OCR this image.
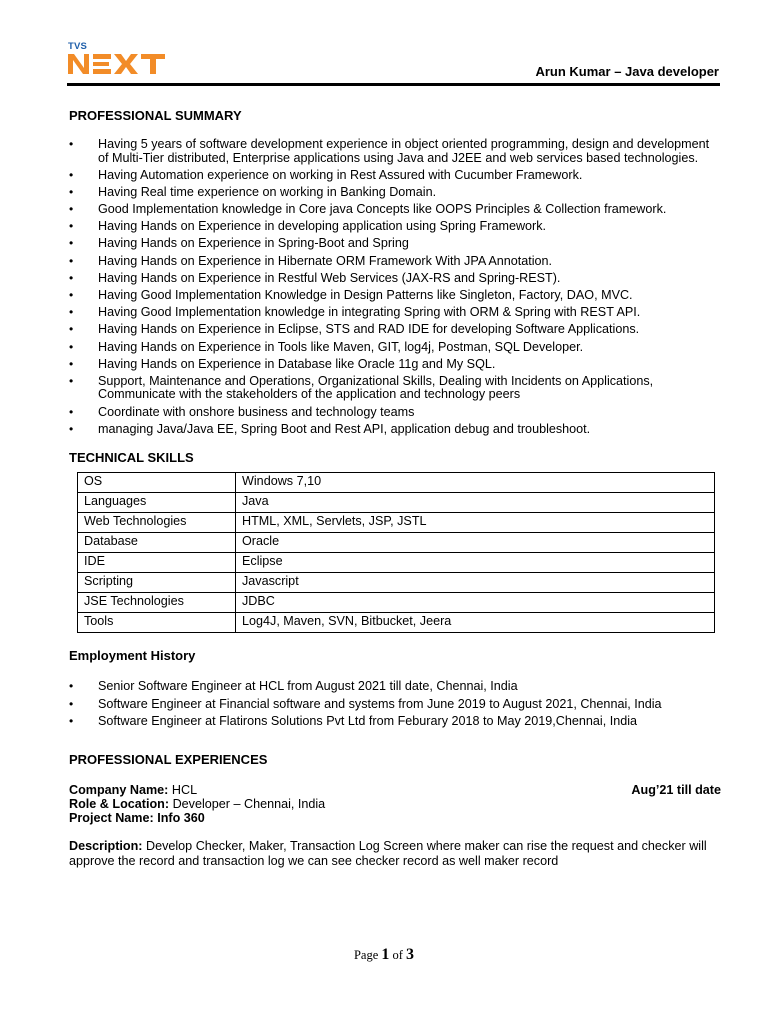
TVS
Arun Kumar – Java developer
PROFESSIONAL SUMMARY
• Having 5 years of software development experience in object oriented programming, design and development of Multi-Tier distributed, Enterprise applications using Java and J2EE and web services based technologies.
• Having Automation experience on working in Rest Assured with Cucumber Framework.
• Having Real time experience on working in Banking Domain.
• Good Implementation knowledge in Core java Concepts like OOPS Principles & Collection framework.
• Having Hands on Experience in developing application using Spring Framework.
• Having Hands on Experience in Spring-Boot and Spring
• Having Hands on Experience in Hibernate ORM Framework With JPA Annotation.
• Having Hands on Experience in Restful Web Services (JAX-RS and Spring-REST).
• Having Good Implementation Knowledge in Design Patterns like Singleton, Factory, DAO, MVC.
• Having Good Implementation knowledge in integrating Spring with ORM & Spring with REST API.
• Having Hands on Experience in Eclipse, STS and RAD IDE for developing Software Applications.
• Having Hands on Experience in Tools like Maven, GIT, log4j, Postman, SQL Developer.
• Having Hands on Experience in Database like Oracle 11g and My SQL.
• Support, Maintenance and Operations, Organizational Skills, Dealing with Incidents on Applications, Communicate with the stakeholders of the application and technology peers
• Coordinate with onshore business and technology teams
• managing Java/Java EE, Spring Boot and Rest API, application debug and troubleshoot.
TECHNICAL SKILLS
OS	Windows 7,10
Languages	Java
Web Technologies	HTML, XML, Servlets, JSP, JSTL
Database	Oracle
IDE	Eclipse
Scripting	Javascript
JSE Technologies	JDBC
Tools	Log4J, Maven, SVN, Bitbucket, Jeera
Employment History
• Senior Software Engineer at HCL from August 2021 till date, Chennai, India
• Software Engineer at Financial software and systems from June 2019 to August 2021, Chennai, India
• Software Engineer at Flatirons Solutions Pvt Ltd from Feburary 2018 to May 2019,Chennai, India
PROFESSIONAL EXPERIENCES
Aug’21 till date
Company Name: HCL
Role & Location: Developer – Chennai, India
Project Name: Info 360
Description: Develop Checker, Maker, Transaction Log Screen where maker can rise the request and checker will approve the record and transaction log we can see checker record as well maker record
Page 1 of 3
